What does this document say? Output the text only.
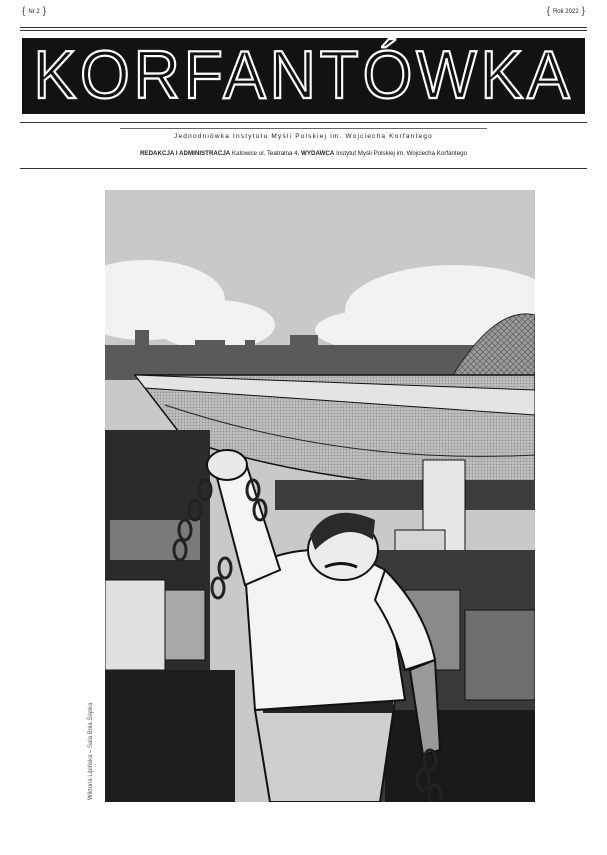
{ Nr 2 }	{ Rok 2022 }
KORFANTÓWKA
Jednodniówka Instytutu Myśli Polskiej im. Wojciecha Korfantego
REDAKCJA I ADMINISTRACJA Katowice ul. Teatralna 4, WYDAWCA Instytut Myśli Polskiej im. Wojciecha Korfantego
Wiktoria Lipińska – Sala Bola Śląska
